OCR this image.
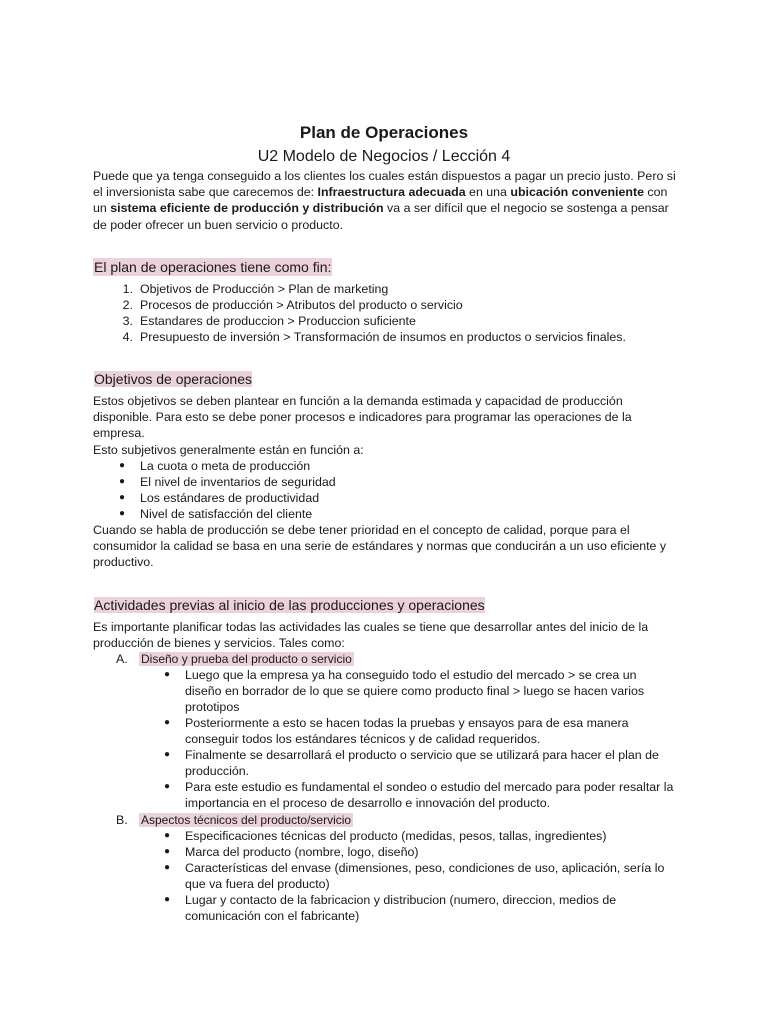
Plan de Operaciones
U2 Modelo de Negocios / Lección 4
Puede que ya tenga conseguido a los clientes los cuales están dispuestos a pagar un precio justo. Pero si el inversionista sabe que carecemos de: Infraestructura adecuada en una ubicación conveniente con un sistema eficiente de producción y distribución va a ser difícil que el negocio se sostenga a pensar de poder ofrecer un buen servicio o producto.
El plan de operaciones tiene como fin:
1. Objetivos de Producción > Plan de marketing
2. Procesos de producción > Atributos del producto o servicio
3. Estandares de produccion > Produccion suficiente
4. Presupuesto de inversión > Transformación de insumos en productos o servicios finales.
Objetivos de operaciones
Estos objetivos se deben plantear en función a la demanda estimada y capacidad de producción disponible. Para esto se debe poner procesos e indicadores para programar las operaciones de la empresa.
Esto subjetivos generalmente están en función a:
● La cuota o meta de producción
● El nivel de inventarios de seguridad
● Los estándares de productividad
● Nivel de satisfacción del cliente
Cuando se habla de producción se debe tener prioridad en el concepto de calidad, porque para el consumidor la calidad se basa en una serie de estándares y normas que conducirán a un uso eficiente y productivo.
Actividades previas al inicio de las producciones y operaciones
Es importante planificar todas las actividades las cuales se tiene que desarrollar antes del inicio de la producción de bienes y servicios. Tales como:
A. Diseño y prueba del producto o servicio
● Luego que la empresa ya ha conseguido todo el estudio del mercado > se crea un diseño en borrador de lo que se quiere como producto final > luego se hacen varios prototipos
● Posteriormente a esto se hacen todas la pruebas y ensayos para de esa manera conseguir todos los estándares técnicos y de calidad requeridos.
● Finalmente se desarrollará el producto o servicio que se utilizará para hacer el plan de producción.
● Para este estudio es fundamental el sondeo o estudio del mercado para poder resaltar la importancia en el proceso de desarrollo e innovación del producto.
B. Aspectos técnicos del producto/servicio
● Especificaciones técnicas del producto (medidas, pesos, tallas, ingredientes)
● Marca del producto (nombre, logo, diseño)
● Características del envase (dimensiones, peso, condiciones de uso, aplicación, sería lo que va fuera del producto)
● Lugar y contacto de la fabricacion y distribucion (numero, direccion, medios de comunicación con el fabricante)
